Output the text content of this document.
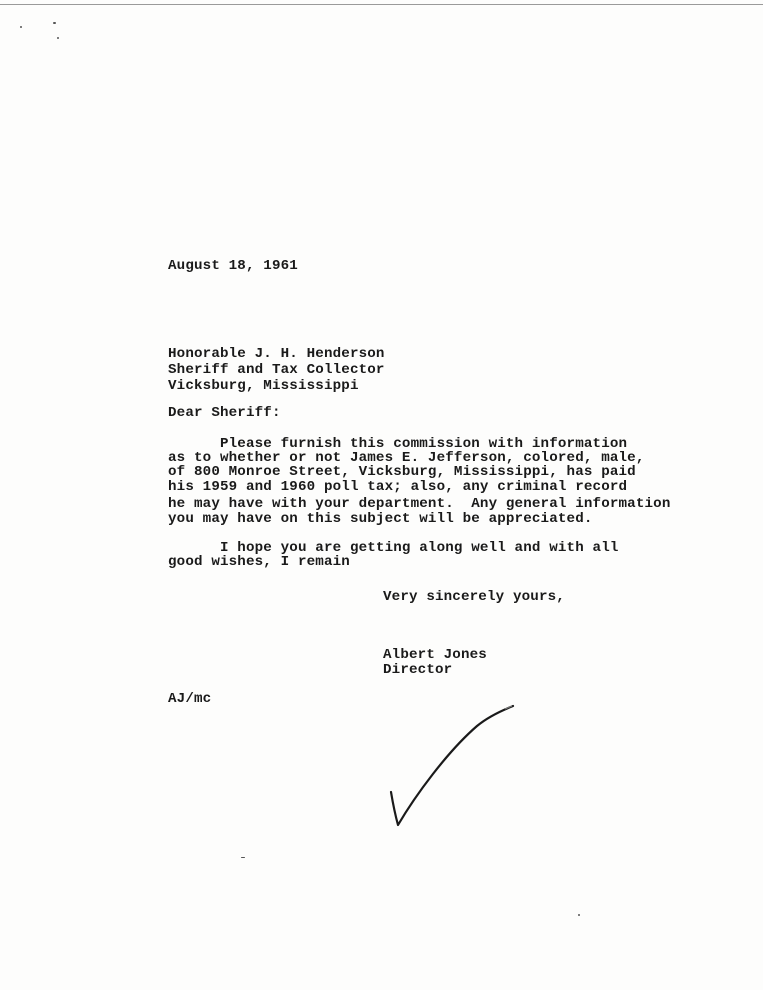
August 18, 1961
Honorable J. H. Henderson
Sheriff and Tax Collector
Vicksburg, Mississippi
Dear Sheriff:
Please furnish this commission with information
as to whether or not James E. Jefferson, colored, male,
of 800 Monroe Street, Vicksburg, Mississippi, has paid
his 1959 and 1960 poll tax; also, any criminal record
he may have with your department.  Any general information
you may have on this subject will be appreciated.
I hope you are getting along well and with all
good wishes, I remain
Very sincerely yours,
Albert Jones
Director
AJ/mc
